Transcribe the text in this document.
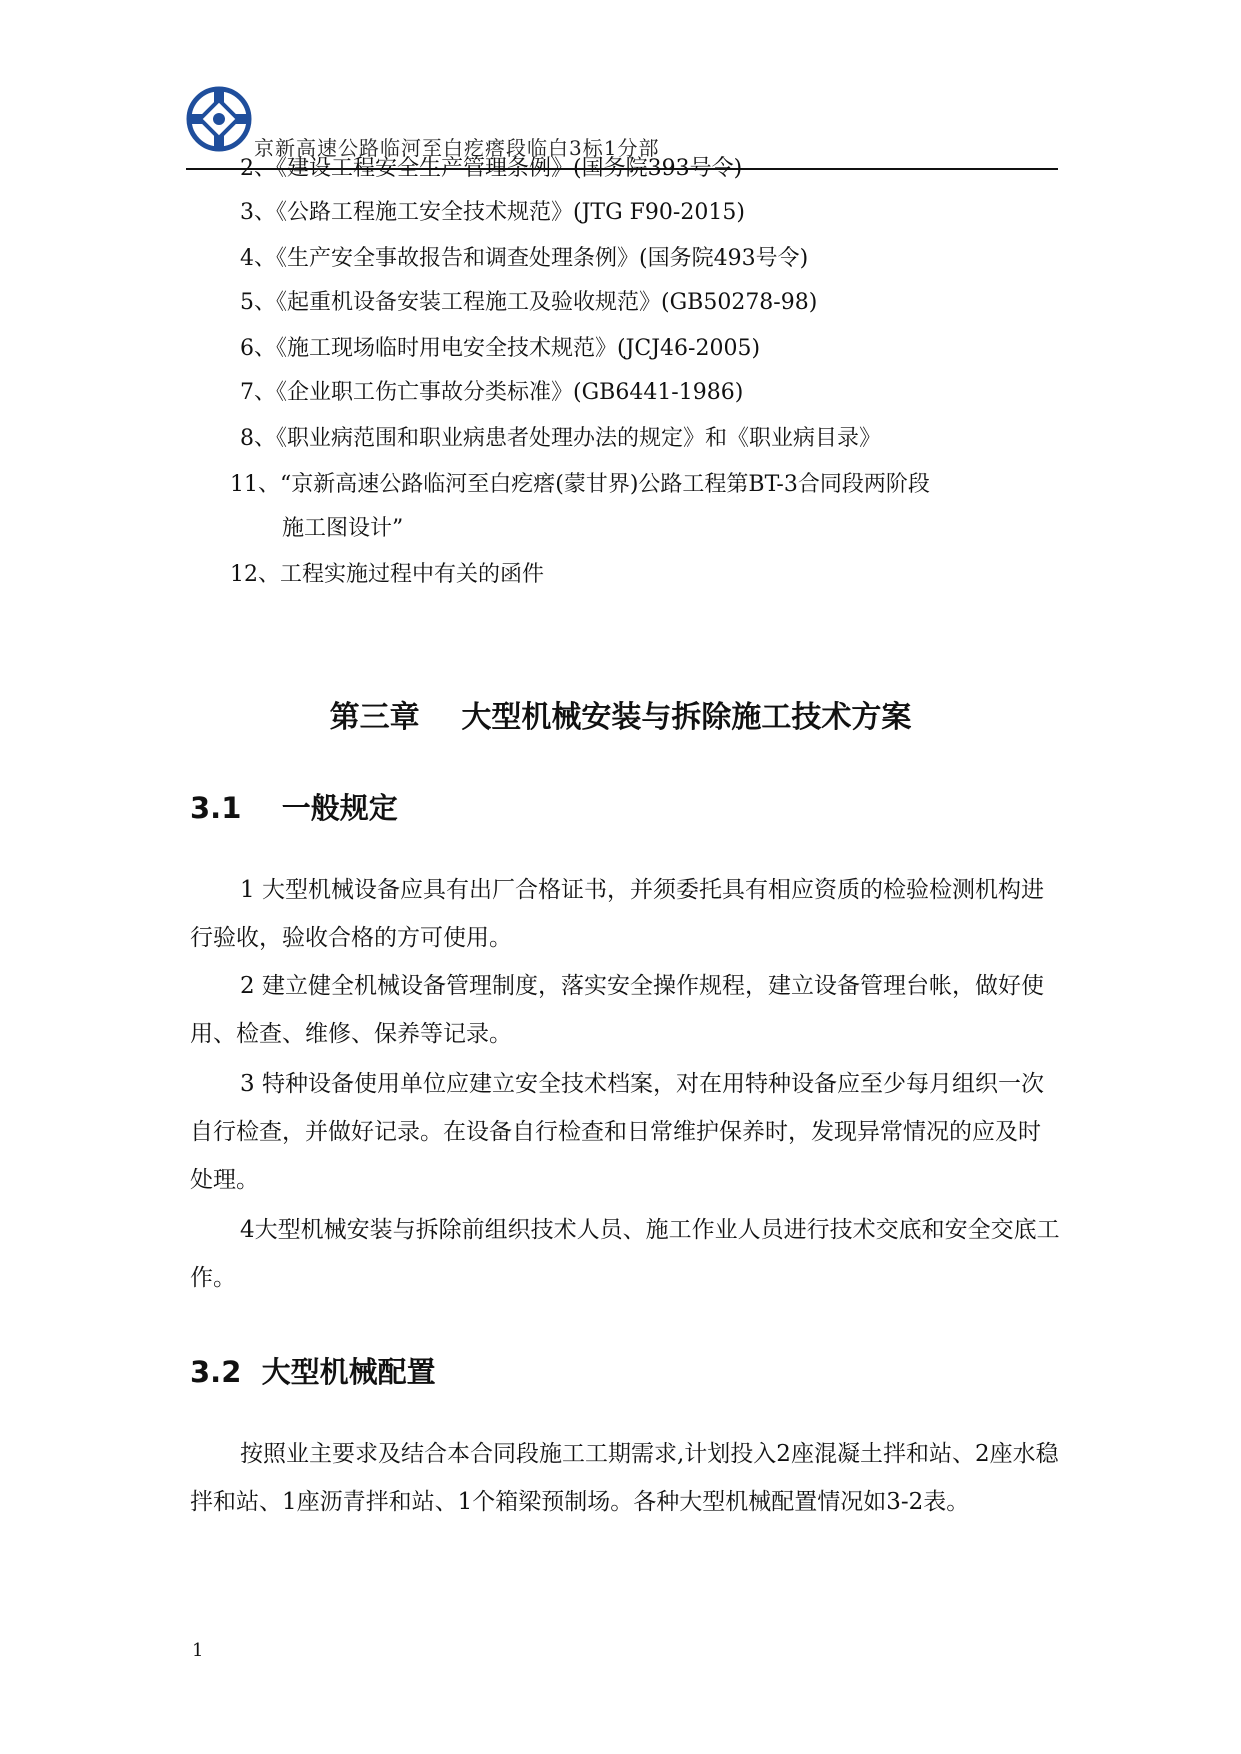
京新高速公路临河至白疙瘩段临白3标1分部
2、《建设工程安全生产管理条例》(国务院393号令)
3、《公路工程施工安全技术规范》(JTG F90-2015)
4、《生产安全事故报告和调查处理条例》(国务院493号令)
5、《起重机设备安装工程施工及验收规范》(GB50278-98)
6、《施工现场临时用电安全技术规范》(JCJ46-2005)
7、《企业职工伤亡事故分类标准》(GB6441-1986)
8、《职业病范围和职业病患者处理办法的规定》和《职业病目录》
11、“京新高速公路临河至白疙瘩(蒙甘界)公路工程第BT-3合同段两阶段
施工图设计”
12、工程实施过程中有关的函件
第三章    大型机械安装与拆除施工技术方案
3.1    一般规定
1 大型机械设备应具有出厂合格证书，并须委托具有相应资质的检验检测机构进行验收，验收合格的方可使用。
2 建立健全机械设备管理制度，落实安全操作规程，建立设备管理台帐，做好使用、检查、维修、保养等记录。
3 特种设备使用单位应建立安全技术档案，对在用特种设备应至少每月组织一次自行检查，并做好记录。在设备自行检查和日常维护保养时，发现异常情况的应及时处理。
4大型机械安装与拆除前组织技术人员、施工作业人员进行技术交底和安全交底工作。
3.2  大型机械配置
按照业主要求及结合本合同段施工工期需求,计划投入2座混凝土拌和站、2座水稳拌和站、1座沥青拌和站、1个箱梁预制场。各种大型机械配置情况如3-2表。
1
